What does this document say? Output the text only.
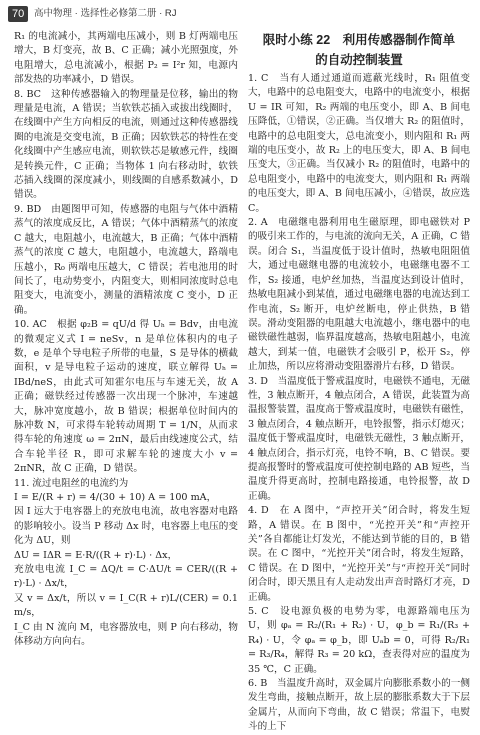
70	高中物理 · 选择性必修第二册 · RJ

R₁ 的电流减小，其两端电压减小，则 B 灯两端电压增大，B 灯变亮，故 B、C 正确；减小光照强度，外电阻增大，总电流减小，根据 P₂ = I²r 知，电源内部发热的功率减小，D 错误。

8. BC　这种传感器输入的物理量是位移，输出的物理量是电流，A 错误；当软铁芯插入或拔出线圈时，在线圈中产生方向相反的电流，则通过这种传感器线圈的电流是交变电流，B 正确；因软铁芯的特性在变化线圈中产生感应电流，则软铁芯是敏感元件，线圈是转换元件，C 正确；当物体 1 向右移动时，软铁芯插入线圈的深度减小，则线圈的自感系数减小，D 错误。

9. BD　由题图甲可知，传感器的电阻与气体中酒精蒸气的浓度成反比，A 错误；气体中酒精蒸气的浓度 C 越大，电阻越小，电流越大，B 正确；气体中酒精蒸气的浓度 C 越大，电阻越小，电流越大，路端电压越小，R₀ 两端电压越大，C 错误；若电池用的时间长了，电动势变小，内阻变大，则相同浓度时总电阻变大，电流变小，测量的酒精浓度 C 变小，D 正确。

10. AC　根据 φ₂B = qU/d 得 Uₕ = Bdv，由电流的微观定义式 I = neSv，n 是单位体积内的电子数，e 是单个导电粒子所带的电量，S 是导体的横截面积，v 是导电粒子运动的速度，联立解得 Uₕ = IBd/neS，由此式可知霍尔电压与车速无关，故 A 正确；磁铁经过传感器一次出现一个脉冲，车速越大，脉冲宽度越小，故 B 错误；根据单位时间内的脉冲数 N，可求得车轮转动周期 T = 1/N，从而求得车轮的角速度 ω = 2πN，最后由线速度公式，结合车轮半径 R，即可求解车轮的速度大小 v = 2πNR，故 C 正确，D 错误。

11. 流过电阻丝的电流约为

I = E/(R + r) = 4/(30 + 10) A = 100 mA，

因 I 远大于电容器上的充放电电流，故电容器对电路的影响较小。设当 P 移动 Δx 时，电容器上电压的变化为 ΔU，则

ΔU = IΔR = E·R/((R + r)·L) · Δx，

充放电电流 I_C = ΔQ/t = C·ΔU/t = CER/((R + r)·L) · Δx/t，

又 v = Δx/t，所以 v = I_C(R + r)L/(CER) = 0.1 m/s，

I_C 由 N 流向 M，电容器放电，则 P 向右移动，物体移动方向向右。

限时小练 22　利用传感器制作简单
的自动控制装置

1. C　当有人通过通道而遮蔽光线时，R₁ 阻值变大，电路中的总电阻变大，电路中的电流变小，根据 U = IR 可知，R₂ 两端的电压变小，即 A、B 间电压降低，①错误，②正确。当仅增大 R₂ 的阻值时，电路中的总电阻变大，总电流变小，则内阻和 R₁ 两端的电压变小，故 R₂ 上的电压变大，即 A、B 间电压变大，③正确。当仅减小 R₂ 的阻值时，电路中的总电阻变小，电路中的电流变大，则内阻和 R₁ 两端的电压变大，即 A、B 间电压减小，④错误，故应选 C。

2. A　电磁继电器利用电生磁原理，即电磁铁对 P 的吸引来工作的，与电流的流向无关，A 正确，C 错误。闭合 S₁，当温度低于设计值时，热敏电阻阻值大，通过电磁继电器的电流较小，电磁继电器不工作，S₂ 接通，电炉丝加热，当温度达到设计值时，热敏电阻减小到某值，通过电磁继电器的电流达到工作电流，S₂ 断开，电炉丝断电，停止供热，B 错误。滑动变阻器的电阻越大电流越小，继电器中的电磁铁磁性越弱，临界温度越高，热敏电阻越小，电流越大，到某一值，电磁铁才会吸引 P，松开 S₂，停止加热，所以应将滑动变阻器滑片右移，D 错误。

3. D　当温度低于警戒温度时，电磁铁不通电，无磁性，3 触点断开，4 触点闭合，A 错误，此装置为高温报警装置，温度高于警戒温度时，电磁铁有磁性，3 触点闭合，4 触点断开，电铃报警，指示灯熄灭；温度低于警戒温度时，电磁铁无磁性，3 触点断开，4 触点闭合，指示灯亮，电铃不响，B、C 错误。要提高报警时的警戒温度可使控制电路的 AB 短些，当温度升得更高时，控制电路接通，电铃报警，故 D 正确。

4. D　在 A 图中，“声控开关”闭合时，将发生短路，A 错误。在 B 图中，“光控开关”和“声控开关”各自都能让灯发光，不能达到节能的目的，B 错误。在 C 图中，“光控开关”闭合时，将发生短路，C 错误。在 D 图中，“光控开关”与“声控开关”同时闭合时，即天黑且有人走动发出声音时路灯才亮，D 正确。

5. C　设电源负极的电势为零，电源路端电压为 U，则 φₐ = R₂/(R₁ + R₂) · U，φ_b = R₁/(R₃ + R₄) · U，令 φₐ = φ_b，即 Uₐb = 0，可得 R₂/R₁ = R₃/R₄，解得 R₃ = 20 kΩ，查表得对应的温度为 35 ℃，C 正确。

6. B　当温度升高时，双金属片向膨胀系数小的一侧发生弯曲，接触点断开，故上层的膨胀系数大于下层金属片，从而向下弯曲，故 C 错误；常温下，电熨斗的上下
